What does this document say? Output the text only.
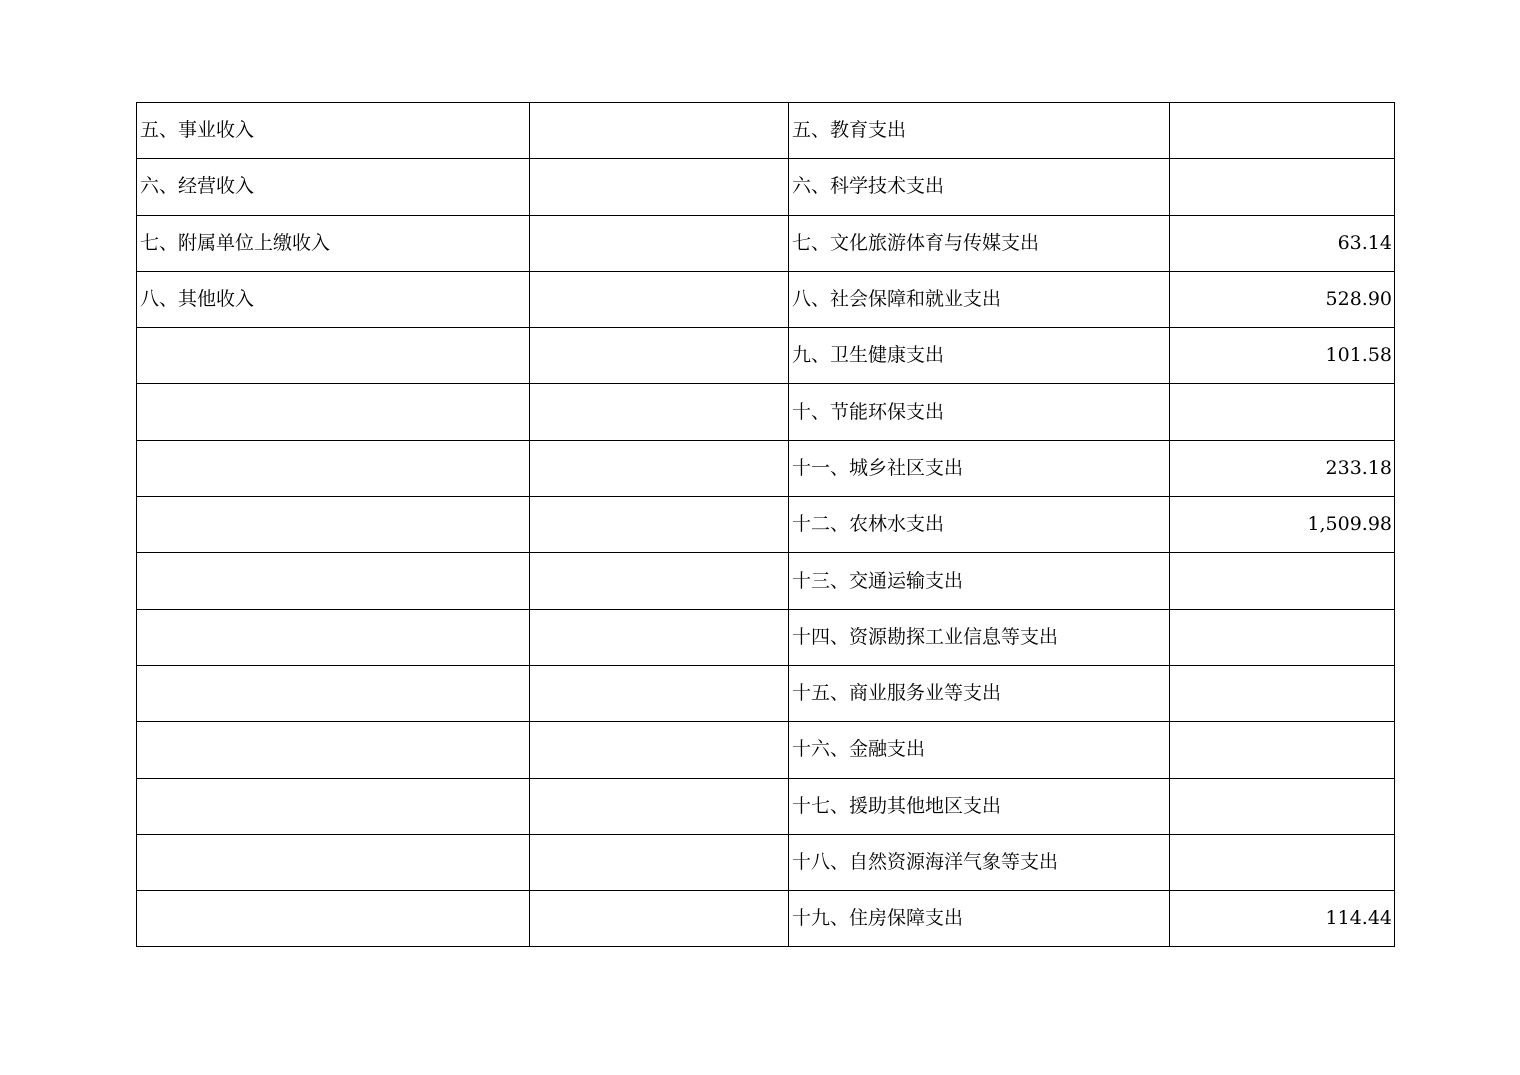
五、事业收入		五、教育支出	
六、经营收入		六、科学技术支出	
七、附属单位上缴收入		七、文化旅游体育与传媒支出	63.14
八、其他收入		八、社会保障和就业支出	528.90
		九、卫生健康支出	101.58
		十、节能环保支出	
		十一、城乡社区支出	233.18
		十二、农林水支出	1,509.98
		十三、交通运输支出	
		十四、资源勘探工业信息等支出	
		十五、商业服务业等支出	
		十六、金融支出	
		十七、援助其他地区支出	
		十八、自然资源海洋气象等支出	
		十九、住房保障支出	114.44
